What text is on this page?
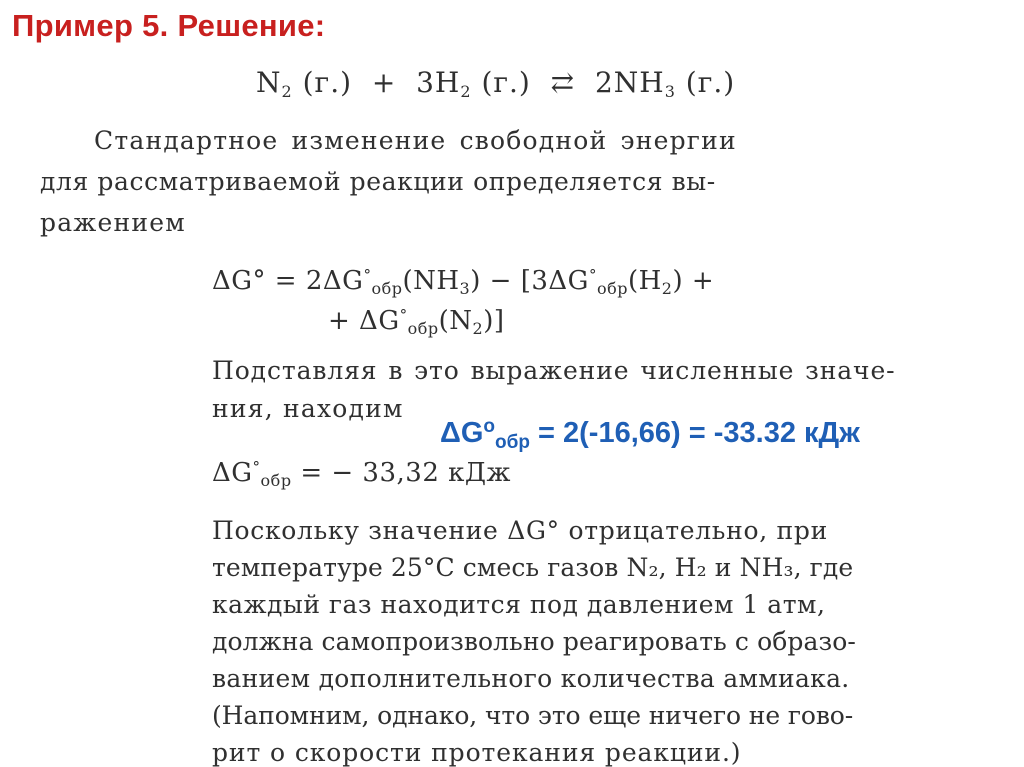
Пример 5. Решение:
$N_2$ $(г.) + 3H_2$ (г.) ⇄ $2NH_3$ (г.)
Стандартное изменение свободной энергии
для рассматриваемой реакции определяется вы-
ражением
$\Delta G^\circ = 2\Delta G^\circ_{обр}(NH_3) - [3\Delta G^\circ_{обр}(H_2)$ +
+ $\Delta G^\circ_{обр}(N_2)$]
Подставляя в это выражение численные значе-
ния, находим
$\Delta G^\circ_{обр}$ = − 33,32 кДж
Поскольку значение ΔG° отрицательно, при
температуре 25°C смесь газов N₂, H₂ и NH₃, где
каждый газ находится под давлением 1 атм,
должна самопроизвольно реагировать с образо-
ванием дополнительного количества аммиака.
(Напомним, однако, что это еще ничего не гово-
рит о скорости протекания реакции.)
$\Delta G^о_{обр} = 2(-16,66) = -33.32$ кДж
